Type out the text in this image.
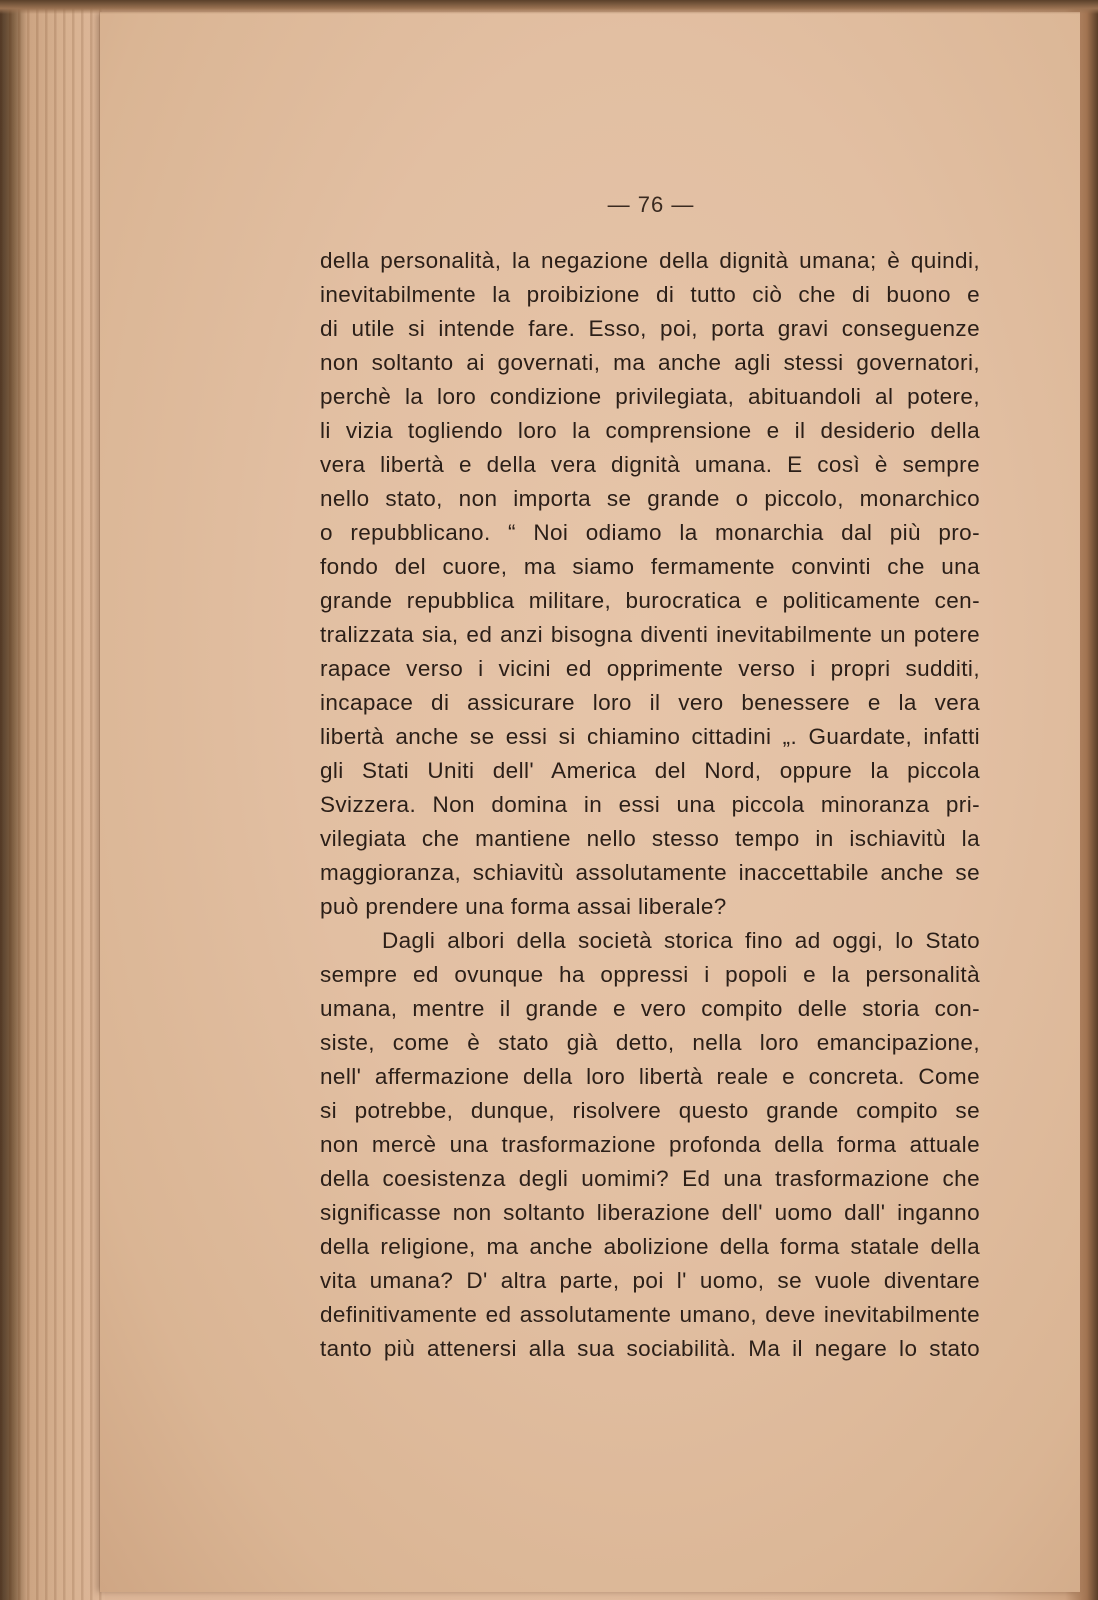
— 76 —

della personalità, la negazione della dignità umana; è quindi,
inevitabilmente la proibizione di tutto ciò che di buono e
di utile si intende fare. Esso, poi, porta gravi conseguenze
non soltanto ai governati, ma anche agli stessi governatori,
perchè la loro condizione privilegiata, abituandoli al potere,
li vizia togliendo loro la comprensione e il desiderio della
vera libertà e della vera dignità umana. E così è sempre
nello stato, non importa se grande o piccolo, monarchico
o repubblicano. “ Noi odiamo la monarchia dal più pro-
fondo del cuore, ma siamo fermamente convinti che una
grande repubblica militare, burocratica e politicamente cen-
tralizzata sia, ed anzi bisogna diventi inevitabilmente un potere
rapace verso i vicini ed opprimente verso i propri sudditi,
incapace di assicurare loro il vero benessere e la vera
libertà anche se essi si chiamino cittadini „. Guardate, infatti
gli Stati Uniti dell' America del Nord, oppure la piccola
Svizzera. Non domina in essi una piccola minoranza pri-
vilegiata che mantiene nello stesso tempo in ischiavitù la
maggioranza, schiavitù assolutamente inaccettabile anche se
può prendere una forma assai liberale?
Dagli albori della società storica fino ad oggi, lo Stato
sempre ed ovunque ha oppressi i popoli e la personalità
umana, mentre il grande e vero compito delle storia con-
siste, come è stato già detto, nella loro emancipazione,
nell' affermazione della loro libertà reale e concreta. Come
si potrebbe, dunque, risolvere questo grande compito se
non mercè una trasformazione profonda della forma attuale
della coesistenza degli uomimi? Ed una trasformazione che
significasse non soltanto liberazione dell' uomo dall' inganno
della religione, ma anche abolizione della forma statale della
vita umana? D' altra parte, poi l' uomo, se vuole diventare
definitivamente ed assolutamente umano, deve inevitabilmente
tanto più attenersi alla sua sociabilità. Ma il negare lo stato
